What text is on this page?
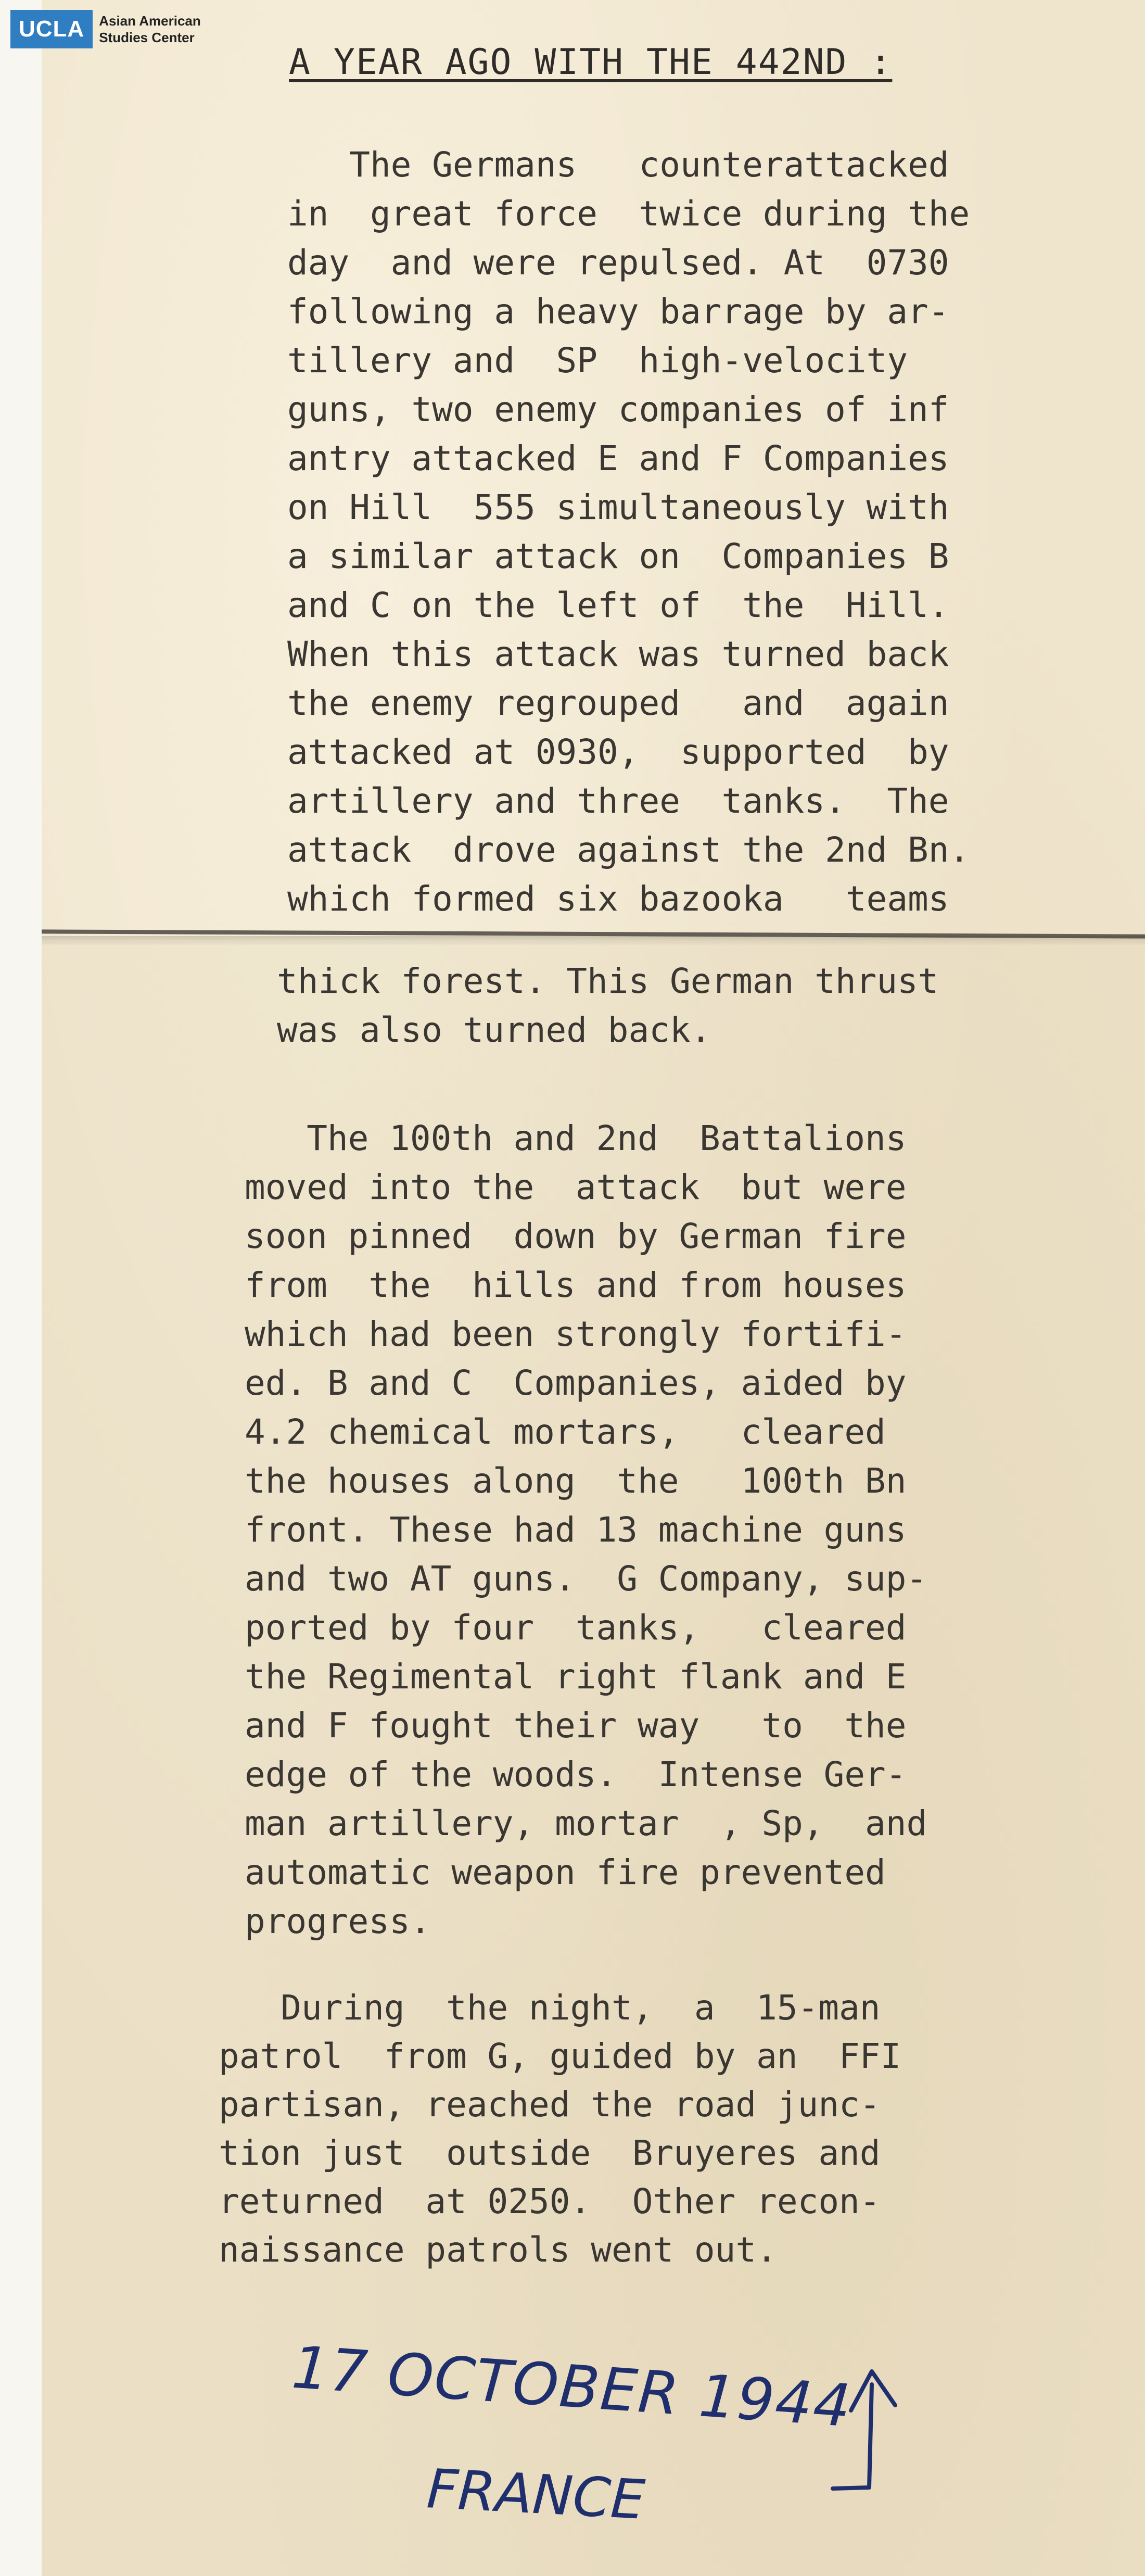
UCLA	Asian American
Studies Center
A YEAR AGO WITH THE 442ND :
The Germans   counterattacked
in  great force  twice during the
day  and were repulsed. At  0730
following a heavy barrage by ar-
tillery and  SP  high-velocity
guns, two enemy companies of inf
antry attacked E and F Companies
on Hill  555 simultaneously with
a similar attack on  Companies B
and C on the left of  the  Hill.
When this attack was turned back
the enemy regrouped   and  again
attacked at 0930,  supported  by
artillery and three  tanks.  The
attack  drove against the 2nd Bn.
which formed six bazooka   teams
thick forest. This German thrust
was also turned back.
The 100th and 2nd  Battalions
moved into the  attack  but were
soon pinned  down by German fire
from  the  hills and from houses
which had been strongly fortifi-
ed. B and C  Companies, aided by
4.2 chemical mortars,   cleared
the houses along  the   100th Bn
front. These had 13 machine guns
and two AT guns.  G Company, sup-
ported by four  tanks,   cleared
the Regimental right flank and E
and F fought their way   to  the
edge of the woods.  Intense Ger-
man artillery, mortar  , Sp,  and
automatic weapon fire prevented
progress.
During  the night,  a  15-man
patrol  from G, guided by an  FFI
partisan, reached the road junc-
tion just  outside  Bruyeres and
returned  at 0250.  Other recon-
naissance patrols went out.
17 OCTOBER 1944
FRANCE
